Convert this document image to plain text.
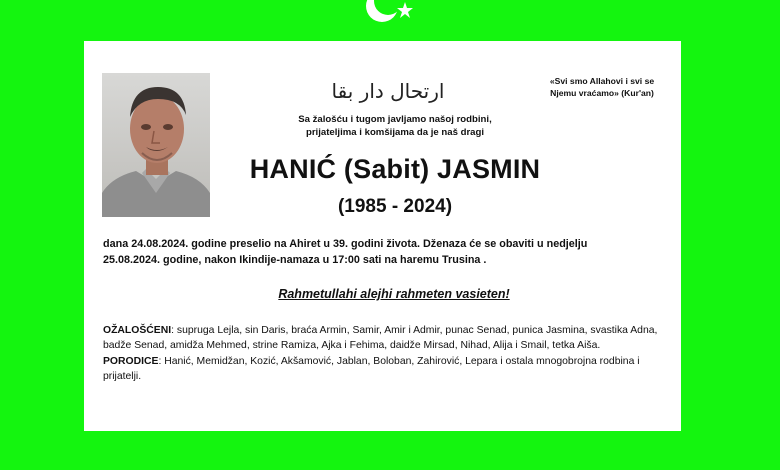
ارتحال دار بقا	«Svi smo Allahovi i svi se
Njemu vraćamo» (Kur'an)
Sa žalošću i tugom javljamo našoj rodbini,
prijateljima i komšijama da je naš dragi
HANIĆ (Sabit) JASMIN
(1985 - 2024)
dana 24.08.2024. godine preselio na Ahiret u 39. godini života. Dženaza će se obaviti u nedjelju
25.08.2024. godine, nakon Ikindije-namaza u 17:00 sati na haremu Trusina .
Rahmetullahi alejhi rahmeten vasieten!
OŽALOŠĆENI: supruga Lejla, sin Daris, braća Armin, Samir, Amir i Admir, punac Senad, punica Jasmina, svastika Adna, badže Senad, amidža Mehmed, strine Ramiza, Ajka i Fehima, daidže Mirsad, Nihad, Alija i Smail, tetka Aiša.
PORODICE: Hanić, Memidžan, Kozić, Akšamović, Jablan, Boloban, Zahirović, Lepara i ostala mnogobrojna rodbina i prijatelji.
